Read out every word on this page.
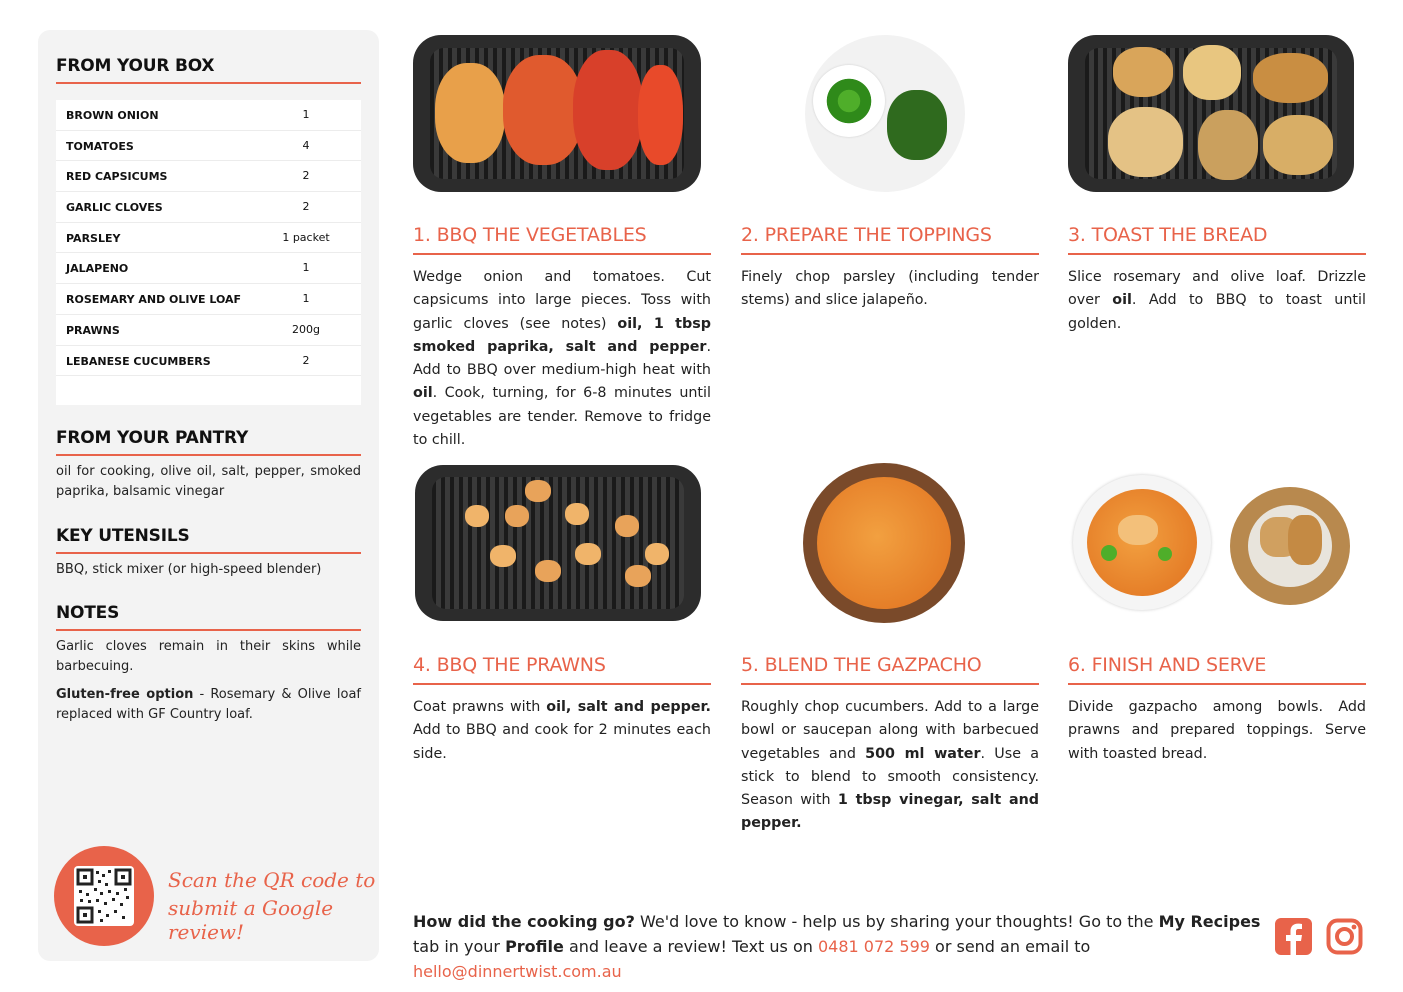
FROM YOUR BOX
BROWN ONION	1
TOMATOES	4
RED CAPSICUMS	2
GARLIC CLOVES	2
PARSLEY	1 packet
JALAPENO	1
ROSEMARY AND OLIVE LOAF	1
PRAWNS	200g
LEBANESE CUCUMBERS	2
FROM YOUR PANTRY
oil for cooking, olive oil, salt, pepper, smoked paprika, balsamic vinegar
KEY UTENSILS
BBQ, stick mixer (or high-speed blender)
NOTES
Garlic cloves remain in their skins while barbecuing.
Gluten-free option - Rosemary & Olive loaf replaced with GF Country loaf.
Scan the QR code to
submit a Google review!
1. BBQ THE VEGETABLES
Wedge onion and tomatoes. Cut capsicums into large pieces. Toss with garlic cloves (see notes) oil, 1 tbsp smoked paprika, salt and pepper. Add to BBQ over medium-high heat with oil. Cook, turning, for 6-8 minutes until vegetables are tender. Remove to fridge to chill.
2. PREPARE THE TOPPINGS
Finely chop parsley (including tender stems) and slice jalapeño.
3. TOAST THE BREAD
Slice rosemary and olive loaf. Drizzle over oil. Add to BBQ to toast until golden.
4. BBQ THE PRAWNS
Coat prawns with oil, salt and pepper. Add to BBQ and cook for 2 minutes each side.
5. BLEND THE GAZPACHO
Roughly chop cucumbers. Add to a large bowl or saucepan along with barbecued vegetables and 500 ml water. Use a stick to blend to smooth consistency. Season with 1 tbsp vinegar, salt and pepper.
6. FINISH AND SERVE
Divide gazpacho among bowls. Add prawns and prepared toppings. Serve with toasted bread.
How did the cooking go? We'd love to know - help us by sharing your thoughts! Go to the My Recipes tab in your Profile and leave a review! Text us on 0481 072 599 or send an email to hello@dinnertwist.com.au
